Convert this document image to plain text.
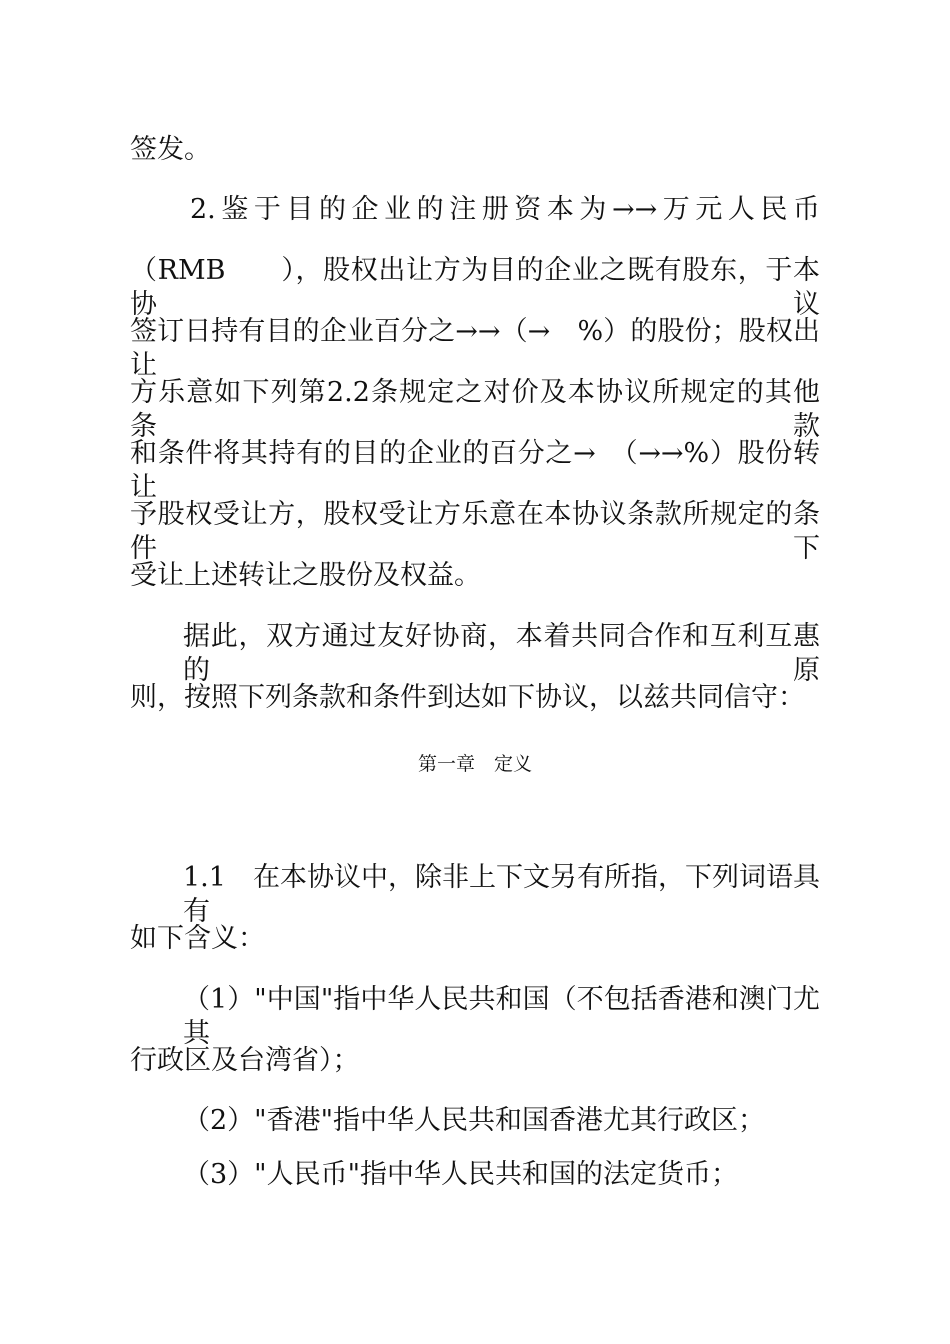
签发。
2.鉴于目的企业的注册资本为→→万元人民币
（RMB　　），股权出让方为目的企业之既有股东，于本协议
签订日持有目的企业百分之→→（→　%）的股份；股权出让
方乐意如下列第2.2条规定之对价及本协议所规定的其他条款
和条件将其持有的目的企业的百分之→　（→→%）股份转让
予股权受让方，股权受让方乐意在本协议条款所规定的条件下
受让上述转让之股份及权益。
据此，双方通过友好协商，本着共同合作和互利互惠的原
则，按照下列条款和条件到达如下协议，以兹共同信守：
第一章　定义
1.1　在本协议中，除非上下文另有所指，下列词语具有
如下含义：
（1）"中国"指中华人民共和国（不包括香港和澳门尤其
行政区及台湾省）；
（2）"香港"指中华人民共和国香港尤其行政区；
（3）"人民币"指中华人民共和国的法定货币；
